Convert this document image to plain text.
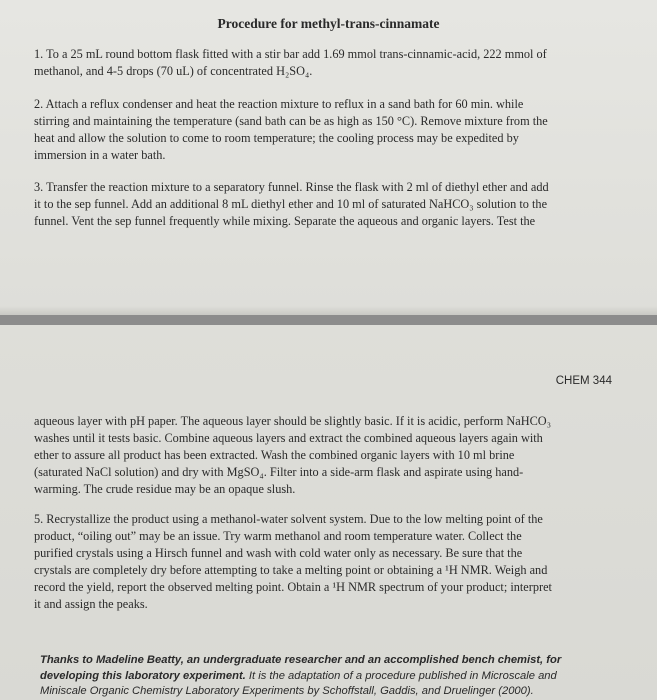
Procedure for methyl-trans-cinnamate
1. To a 25 mL round bottom flask fitted with a stir bar add 1.69 mmol trans-cinnamic-acid, 222 mmol of
methanol, and 4-5 drops (70 uL) of concentrated H₂SO₄.
2. Attach a reflux condenser and heat the reaction mixture to reflux in a sand bath for 60 min. while
stirring and maintaining the temperature (sand bath can be as high as 150 °C). Remove mixture from the
heat and allow the solution to come to room temperature; the cooling process may be expedited by
immersion in a water bath.
3. Transfer the reaction mixture to a separatory funnel. Rinse the flask with 2 ml of diethyl ether and add
it to the sep funnel. Add an additional 8 mL diethyl ether and 10 ml of saturated NaHCO₃ solution to the
funnel. Vent the sep funnel frequently while mixing. Separate the aqueous and organic layers. Test the
CHEM 344
aqueous layer with pH paper. The aqueous layer should be slightly basic. If it is acidic, perform NaHCO₃
washes until it tests basic. Combine aqueous layers and extract the combined aqueous layers again with
ether to assure all product has been extracted. Wash the combined organic layers with 10 ml brine
(saturated NaCl solution) and dry with MgSO₄. Filter into a side-arm flask and aspirate using hand-
warming. The crude residue may be an opaque slush.
5. Recrystallize the product using a methanol-water solvent system. Due to the low melting point of the
product, “oiling out” may be an issue. Try warm methanol and room temperature water. Collect the
purified crystals using a Hirsch funnel and wash with cold water only as necessary. Be sure that the
crystals are completely dry before attempting to take a melting point or obtaining a ¹H NMR. Weigh and
record the yield, report the observed melting point. Obtain a ¹H NMR spectrum of your product; interpret
it and assign the peaks.
Thanks to Madeline Beatty, an undergraduate researcher and an accomplished bench chemist, for
developing this laboratory experiment. It is the adaptation of a procedure published in Microscale and
Miniscale Organic Chemistry Laboratory Experiments by Schoffstall, Gaddis, and Druelinger (2000).
